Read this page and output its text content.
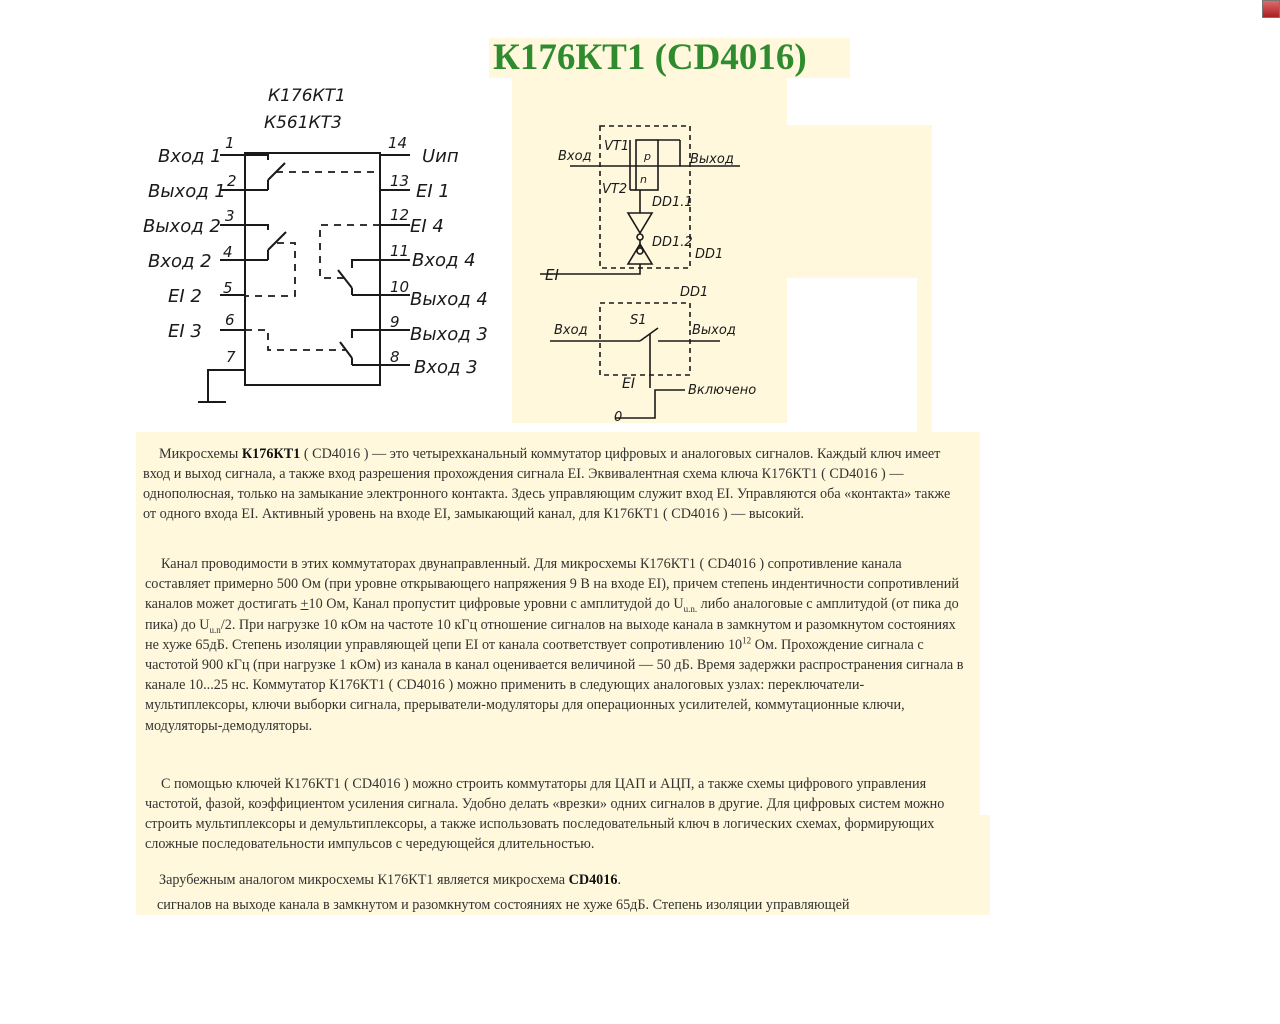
К176КТ1 (CD4016)
К176КТ1
К561КТ3
Вход 1
Выход 1
Выход 2
Вход 2
EI 2
EI 3
Uип
EI 1
EI 4
Вход 4
Выход 4
Выход 3
Вход 3
1
2
3
4
5
6
7
14
13
12
11
10
9
8
Вход	Выход
VT1
VT2
p
n
DD1.1
DD1.2
DD1
EI
DD1
Вход	Выход
S1
EI	Включено
0

Микросхемы К176КТ1 ( CD4016 ) — это четырехканальный коммутатор цифровых и аналоговых сигналов. Каждый ключ имеет вход и выход сигнала, а также вход разрешения прохождения сигнала EI. Эквивалентная схема ключа К176КТ1 ( CD4016 ) — однополюсная, только на замыкание электронного контакта. Здесь управляющим служит вход EI. Управляются оба «контакта» также от одного входа EI. Активный уровень на входе EI, замыкающий канал, для К176КТ1 ( CD4016 ) — высокий.

Канал проводимости в этих коммутаторах двунаправленный. Для микросхемы К176КТ1 ( CD4016 ) сопротивление канала составляет примерно 500 Ом (при уровне открывающего напряжения 9 В на входе EI), причем степень индентичности сопротивлений каналов может достигать +10 Ом, Канал пропустит цифровые уровни с амплитудой до $U_{u.n.}$ либо аналоговые с амплитудой (от пика до пика) до $U_{u.n}/2$. При нагрузке 10 кОм на частоте 10 кГц отношение сигналов на выходе канала в замкнутом и разомкнутом состояниях не хуже 65дБ. Степень изоляции управляющей цепи EI от канала соответствует сопротивлению $10^{12}$ Ом. Прохождение сигнала с частотой 900 кГц (при нагрузке 1 кОм) из канала в канал оценивается величиной — 50 дБ. Время задержки распространения сигнала в канале 10...25 нс. Коммутатор К176КТ1 ( CD4016 ) можно применить в следующих аналоговых узлах: переключатели-мультиплексоры, ключи выборки сигнала, прерыватели-модуляторы для операционных усилителей, коммутационные ключи, модуляторы-демодуляторы.

С помощью ключей К176КТ1 ( CD4016 ) можно строить коммутаторы для ЦАП и АЦП, а также схемы цифрового управления частотой, фазой, коэффициентом усиления сигнала. Удобно делать «врезки» одних сигналов в другие. Для цифровых систем можно строить мультиплексоры и демультиплексоры, а также использовать последовательный ключ в логических схемах, формирующих сложные последовательности импульсов с чередующейся длительностью.

Зарубежным аналогом микросхемы К176КТ1 является микросхема CD4016.

сигналов на выходе канала в замкнутом и разомкнутом состояниях не хуже 65дБ. Степень изоляции управляющей
